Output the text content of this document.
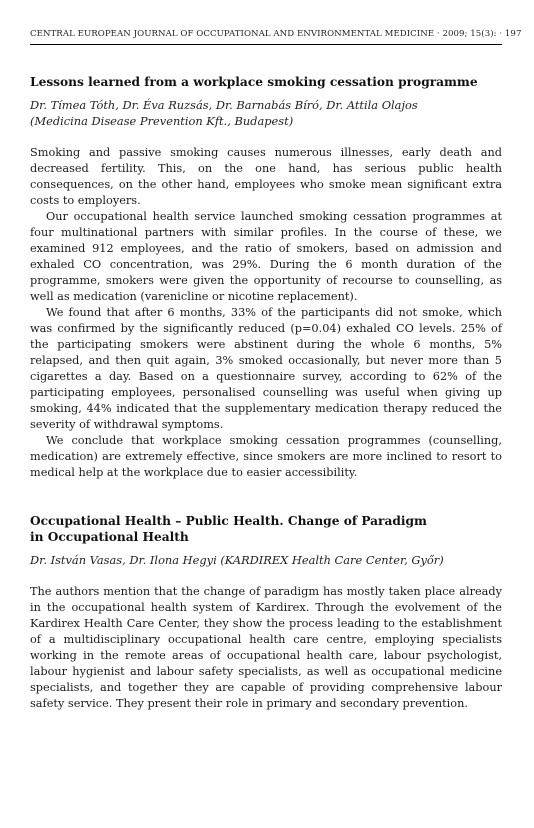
CENTRAL EUROPEAN JOURNAL OF OCCUPATIONAL AND ENVIRONMENTAL MEDICINE · 2009; 15(3): · 197
Lessons learned from a workplace smoking cessation programme
Dr. Tímea Tóth, Dr. Éva Ruzsás, Dr. Barnabás Bíró, Dr. Attila Olajos
(Medicina Disease Prevention Kft., Budapest)

Smoking and passive smoking causes numerous illnesses, early death and decreased fertility. This, on the one hand, has serious public health consequences, on the other hand, employees who smoke mean significant extra costs to employers.

Our occupational health service launched smoking cessation programmes at four multinational partners with similar profiles. In the course of these, we examined 912 employees, and the ratio of smokers, based on admission and exhaled CO concentration, was 29%. During the 6 month duration of the programme, smokers were given the opportunity of recourse to counselling, as well as medication (varenicline or nicotine replacement).

We found that after 6 months, 33% of the participants did not smoke, which was confirmed by the significantly reduced (p=0.04) exhaled CO levels. 25% of the participating smokers were abstinent during the whole 6 months, 5% relapsed, and then quit again, 3% smoked occasionally, but never more than 5 cigarettes a day. Based on a questionnaire survey, according to 62% of the participating employees, personalised counselling was useful when giving up smoking, 44% indicated that the supplementary medication therapy reduced the severity of withdrawal symptoms.

We conclude that workplace smoking cessation programmes (counselling, medication) are extremely effective, since smokers are more inclined to resort to medical help at the workplace due to easier accessibility.

Occupational Health – Public Health. Change of Paradigm
in Occupational Health
Dr. István Vasas, Dr. Ilona Hegyi (KARDIREX Health Care Center, Győr)

The authors mention that the change of paradigm has mostly taken place already in the occupational health system of Kardirex. Through the evolvement of the Kardirex Health Care Center, they show the process leading to the establishment of a multidisciplinary occupational health care centre, employing specialists working in the remote areas of occupational health care, labour psychologist, labour hygienist and labour safety specialists, as well as occupational medicine specialists, and together they are capable of providing comprehensive labour safety service. They present their role in primary and secondary prevention.
